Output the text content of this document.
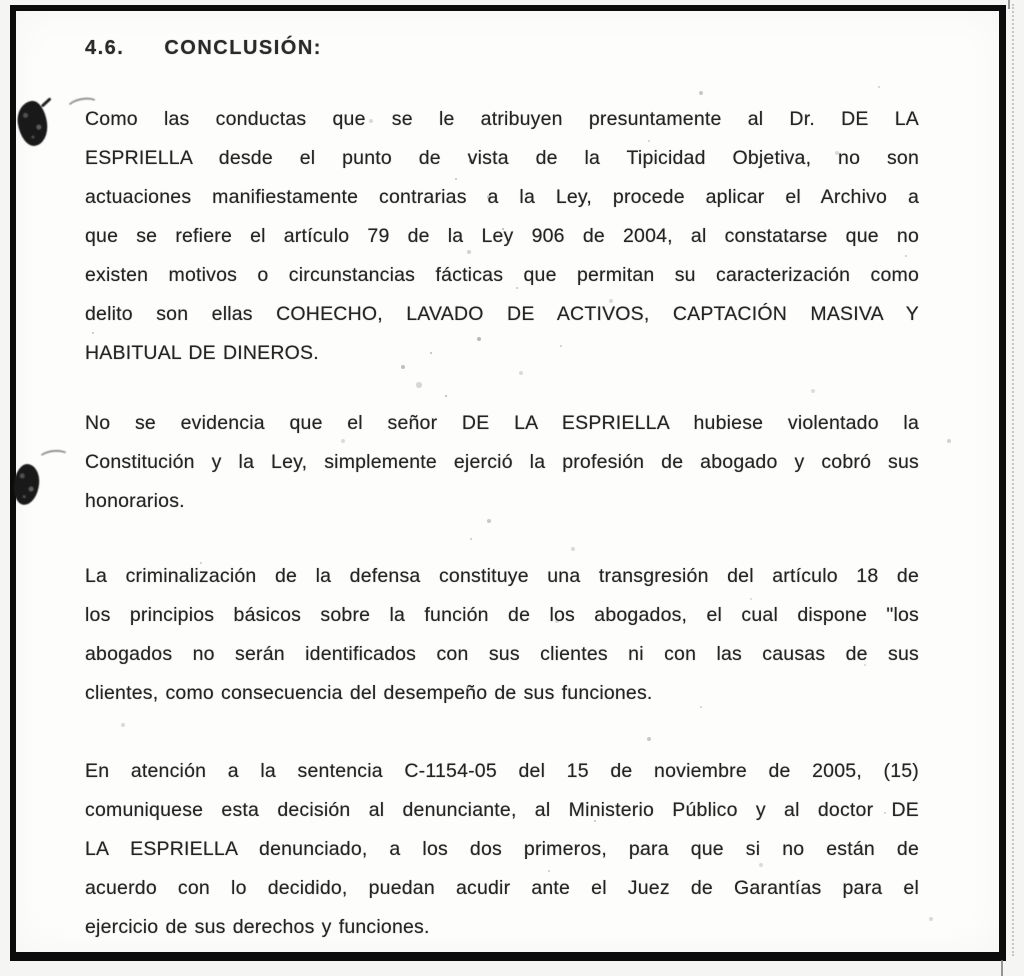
4.6. CONCLUSIÓN:
Como las conductas que se le atribuyen presuntamente al Dr. DE LA
ESPRIELLA desde el punto de vista de la Tipicidad Objetiva, no son
actuaciones manifiestamente contrarias a la Ley, procede aplicar el Archivo a
que se refiere el artículo 79 de la Ley 906 de 2004, al constatarse que no
existen motivos o circunstancias fácticas que permitan su caracterización como
delito son ellas COHECHO, LAVADO DE ACTIVOS, CAPTACIÓN MASIVA Y
HABITUAL DE DINEROS.
No se evidencia que el señor DE LA ESPRIELLA hubiese violentado la
Constitución y la Ley, simplemente ejerció la profesión de abogado y cobró sus
honorarios.
La criminalización de la defensa constituye una transgresión del artículo 18 de
los principios básicos sobre la función de los abogados, el cual dispone "los
abogados no serán identificados con sus clientes ni con las causas de sus
clientes, como consecuencia del desempeño de sus funciones.
En atención a la sentencia C-1154-05 del 15 de noviembre de 2005, (15)
comuniquese esta decisión al denunciante, al Ministerio Público y al doctor DE
LA ESPRIELLA denunciado, a los dos primeros, para que si no están de
acuerdo con lo decidido, puedan acudir ante el Juez de Garantías para el
ejercicio de sus derechos y funciones.
